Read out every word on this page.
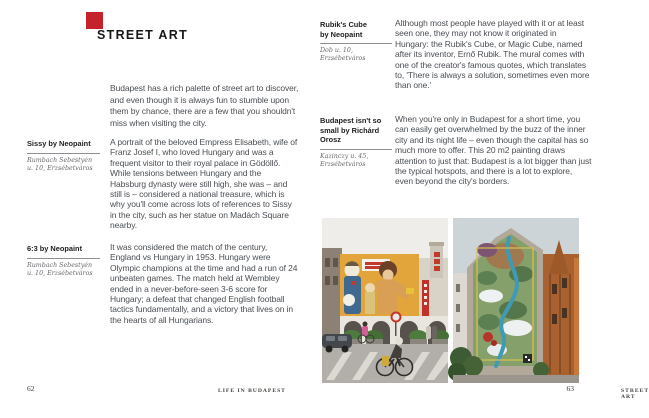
STREET ART

Budapest has a rich palette of street art to discover, and even though it is always fun to stumble upon them by chance, there are a few that you shouldn't miss when visiting the city.

Sissy by Neopaint
Rumbach Sebestyén u. 10, Erzsébetváros

A portrait of the beloved Empress Elisabeth, wife of Franz Josef I, who loved Hungary and was a frequent visitor to their royal palace in Gödöllő. While tensions between Hungary and the Habsburg dynasty were still high, she was – and still is – considered a national treasure, which is why you'll come across lots of references to Sissy in the city, such as her statue on Madách Square nearby.

6:3 by Neopaint
Rumbach Sebestyén u. 10, Erzsébetváros

It was considered the match of the century, England vs Hungary in 1953. Hungary were Olympic champions at the time and had a run of 24 unbeaten games. The match held at Wembley ended in a never-before-seen 3-6 score for Hungary; a defeat that changed English football tactics fundamentally, and a victory that lives on in the hearts of all Hungarians.

62	LIFE IN BUDAPEST
Rubik's Cube by Neopaint
Dob u. 10, Erzsébetváros

Although most people have played with it or at least seen one, they may not know it originated in Hungary: the Rubik's Cube, or Magic Cube, named after its inventor, Ernő Rubik. The mural comes with one of the creator's famous quotes, which translates to, 'There is always a solution, sometimes even more than one.'

Budapest isn't so small by Richárd Orosz
Kazinczy u. 45, Erzsébetváros

When you're only in Budapest for a short time, you can easily get overwhelmed by the buzz of the inner city and its night life – even though the capital has so much more to offer. This 20 m2 painting draws attention to just that: Budapest is a lot bigger than just the typical hotspots, and there is a lot to explore, even beyond the city's borders.

STREET ART
63
